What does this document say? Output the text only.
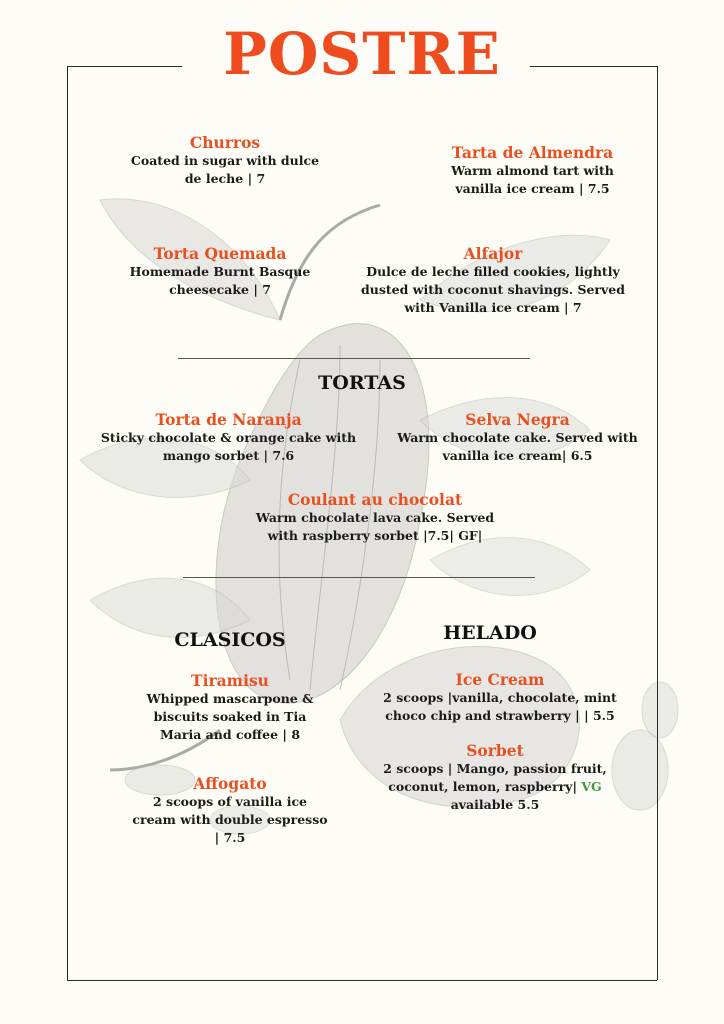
POSTRE
Churros
Coated in sugar with dulce
de leche | 7
Tarta de Almendra
Warm almond tart with
vanilla ice cream | 7.5
Torta Quemada
Homemade Burnt Basque
cheesecake | 7
Alfajor
Dulce de leche filled cookies, lightly
dusted with coconut shavings. Served
with Vanilla ice cream | 7
TORTAS
Torta de Naranja
Sticky chocolate & orange cake with
mango sorbet | 7.6
Selva Negra
Warm chocolate cake. Served with
vanilla ice cream| 6.5
Coulant au chocolat
Warm chocolate lava cake. Served
with raspberry sorbet |7.5| GF|
CLASICOS	HELADO
Tiramisu
Whipped mascarpone &
biscuits soaked in Tia
Maria and coffee | 8
Affogato
2 scoops of vanilla ice
cream with double espresso
| 7.5
Ice Cream
2 scoops |vanilla, chocolate, mint
choco chip and strawberry | | 5.5
Sorbet
2 scoops | Mango, passion fruit,
coconut, lemon, raspberry| VG
available 5.5
